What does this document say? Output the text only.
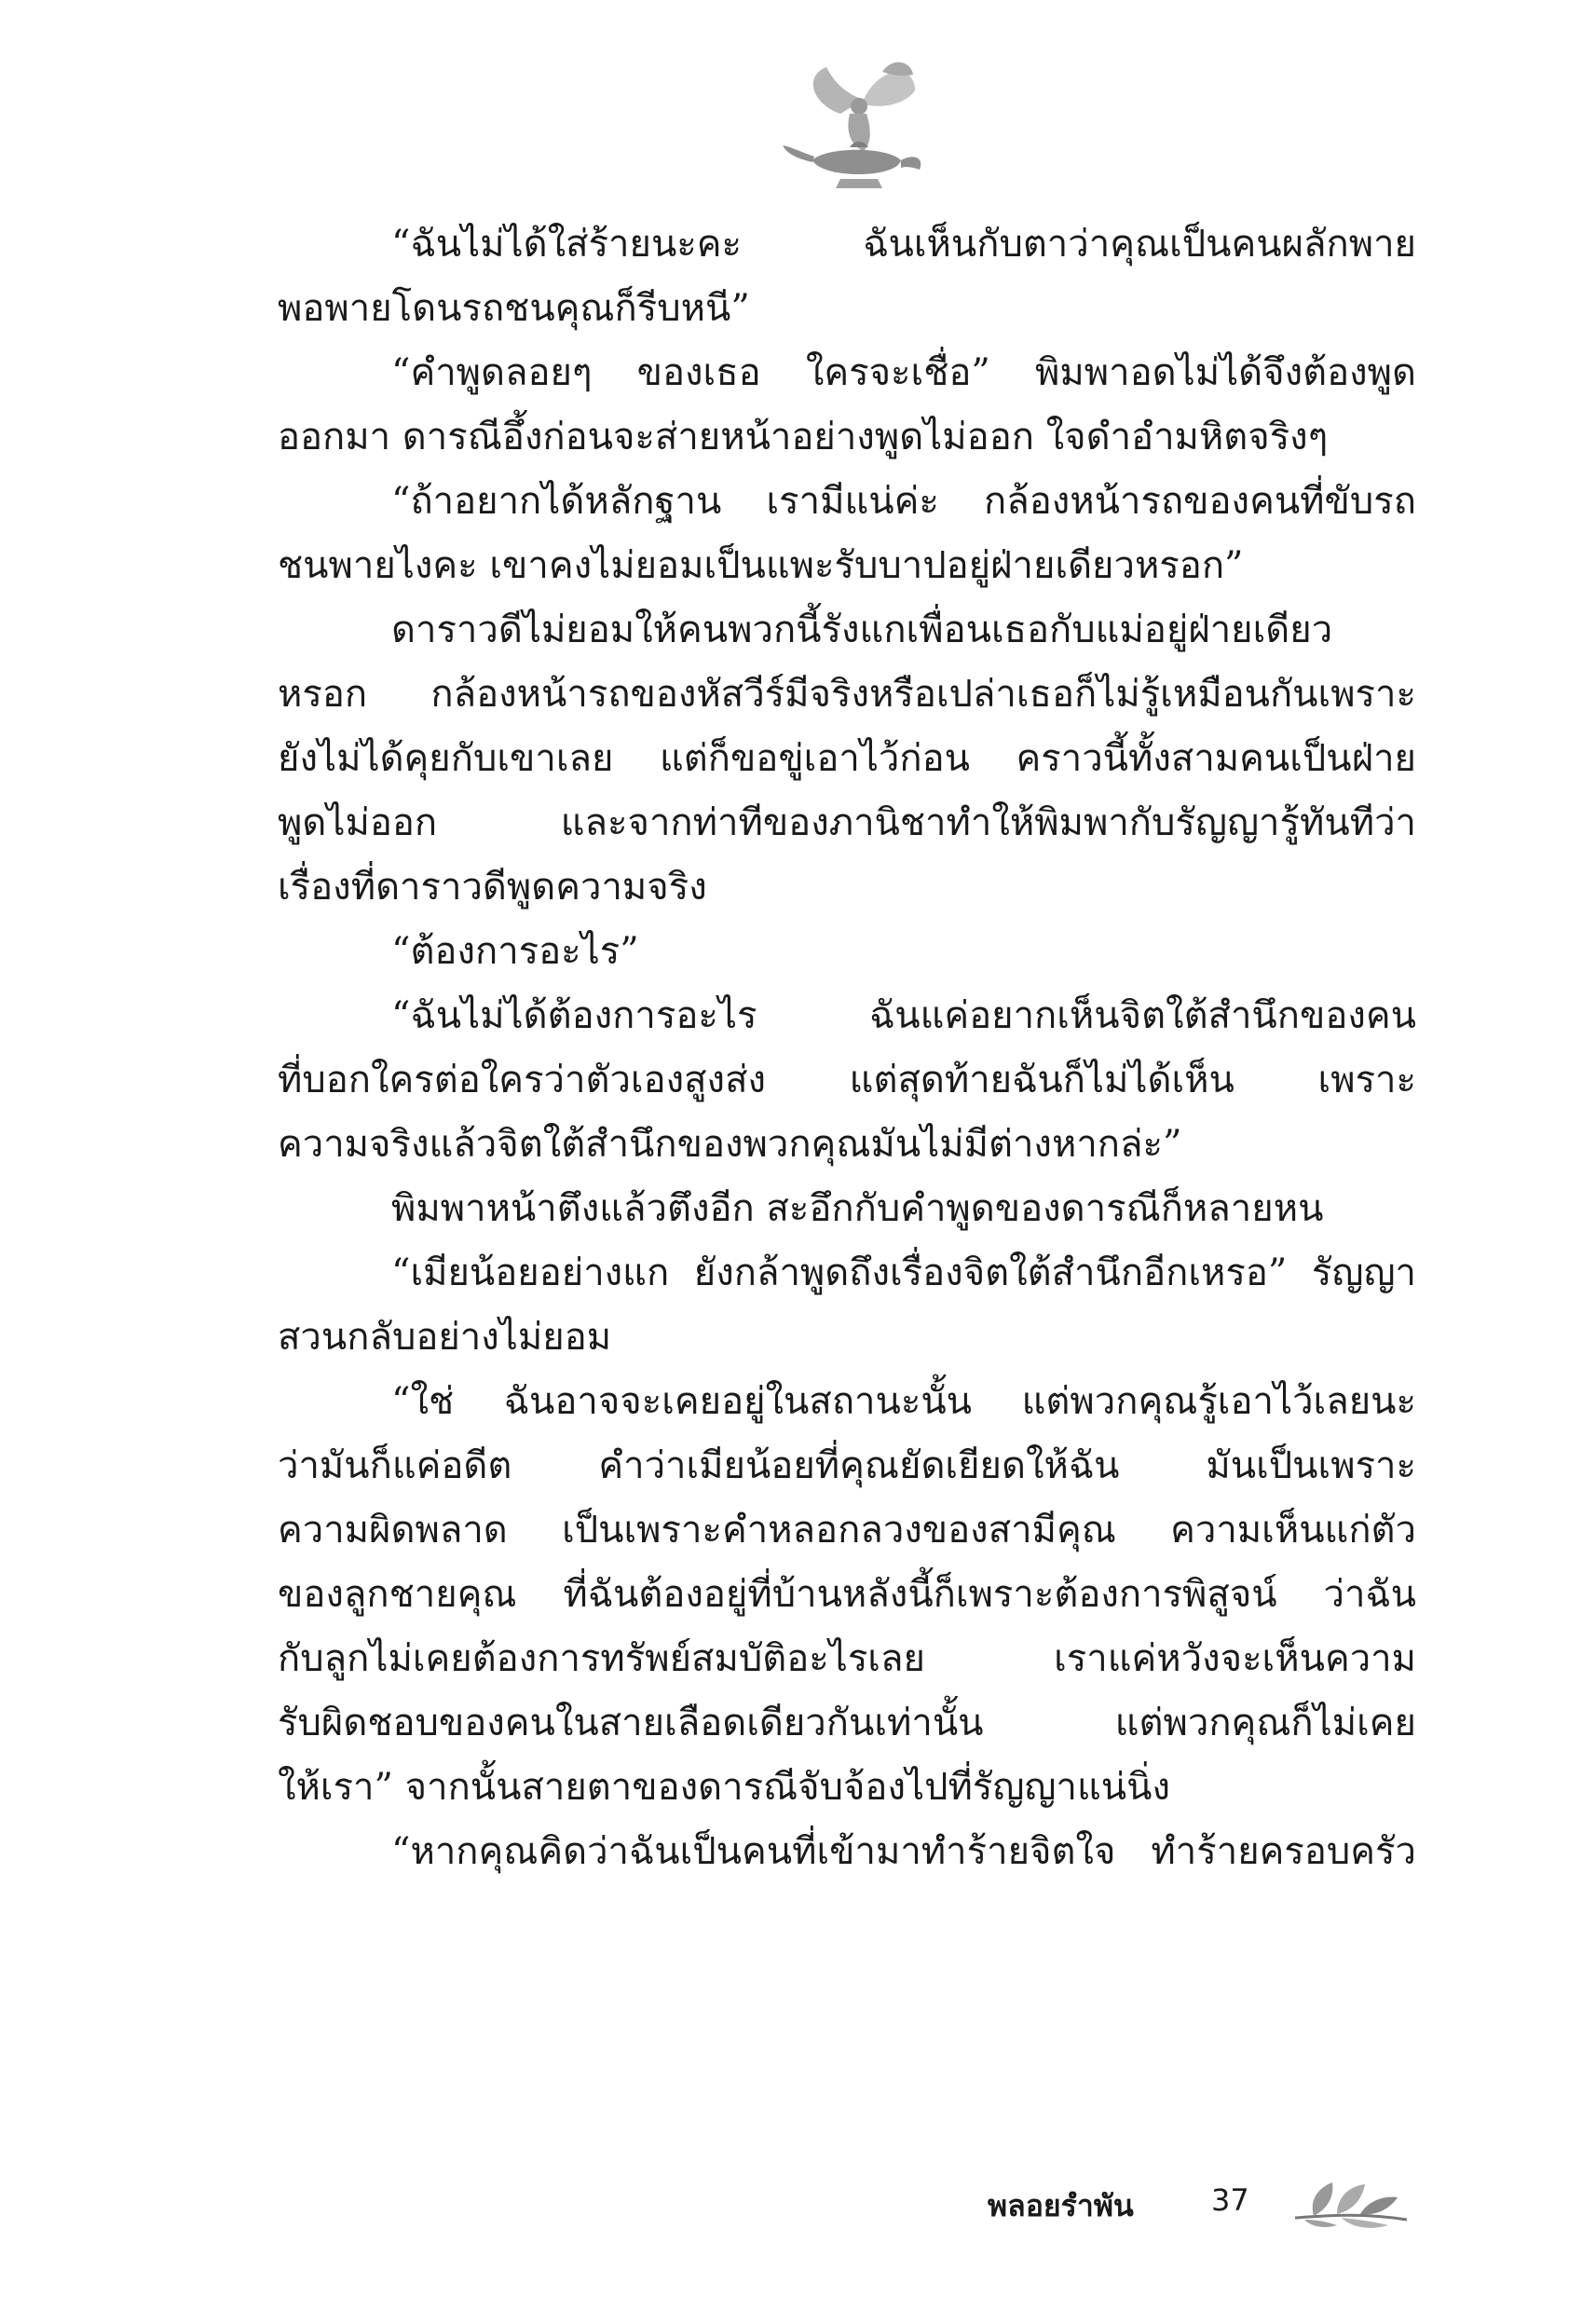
“ฉันไม่ได้ใส่ร้ายนะคะ ฉันเห็นกับตาว่าคุณเป็นคนผลักพาย
พอพายโดนรถชนคุณก็รีบหนี”
“คำพูดลอยๆ ของเธอ ใครจะเชื่อ” พิมพาอดไม่ได้จึงต้องพูด
ออกมา ดารณีอึ้งก่อนจะส่ายหน้าอย่างพูดไม่ออก ใจดำอำมหิตจริงๆ
“ถ้าอยากได้หลักฐาน เรามีแน่ค่ะ กล้องหน้ารถของคนที่ขับรถ
ชนพายไงคะ เขาคงไม่ยอมเป็นแพะรับบาปอยู่ฝ่ายเดียวหรอก”
ดาราวดีไม่ยอมให้คนพวกนี้รังแกเพื่อนเธอกับแม่อยู่ฝ่ายเดียว
หรอก กล้องหน้ารถของหัสวีร์มีจริงหรือเปล่าเธอก็ไม่รู้เหมือนกันเพราะ
ยังไม่ได้คุยกับเขาเลย แต่ก็ขอขู่เอาไว้ก่อน คราวนี้ทั้งสามคนเป็นฝ่าย
พูดไม่ออก และจากท่าทีของภานิชาทำให้พิมพากับรัญญารู้ทันทีว่า
เรื่องที่ดาราวดีพูดความจริง
“ต้องการอะไร”
“ฉันไม่ได้ต้องการอะไร ฉันแค่อยากเห็นจิตใต้สำนึกของคน
ที่บอกใครต่อใครว่าตัวเองสูงส่ง แต่สุดท้ายฉันก็ไม่ได้เห็น เพราะ
ความจริงแล้วจิตใต้สำนึกของพวกคุณมันไม่มีต่างหากล่ะ”
พิมพาหน้าตึงแล้วตึงอีก สะอึกกับคำพูดของดารณีก็หลายหน
“เมียน้อยอย่างแก ยังกล้าพูดถึงเรื่องจิตใต้สำนึกอีกเหรอ” รัญญา
สวนกลับอย่างไม่ยอม
“ใช่ ฉันอาจจะเคยอยู่ในสถานะนั้น แต่พวกคุณรู้เอาไว้เลยนะ
ว่ามันก็แค่อดีต คำว่าเมียน้อยที่คุณยัดเยียดให้ฉัน มันเป็นเพราะ
ความผิดพลาด เป็นเพราะคำหลอกลวงของสามีคุณ ความเห็นแก่ตัว
ของลูกชายคุณ ที่ฉันต้องอยู่ที่บ้านหลังนี้ก็เพราะต้องการพิสูจน์ ว่าฉัน
กับลูกไม่เคยต้องการทรัพย์สมบัติอะไรเลย เราแค่หวังจะเห็นความ
รับผิดชอบของคนในสายเลือดเดียวกันเท่านั้น แต่พวกคุณก็ไม่เคย
ให้เรา” จากนั้นสายตาของดารณีจับจ้องไปที่รัญญาแน่นิ่ง
“หากคุณคิดว่าฉันเป็นคนที่เข้ามาทำร้ายจิตใจ ทำร้ายครอบครัว
พลอยรำพัน	37
